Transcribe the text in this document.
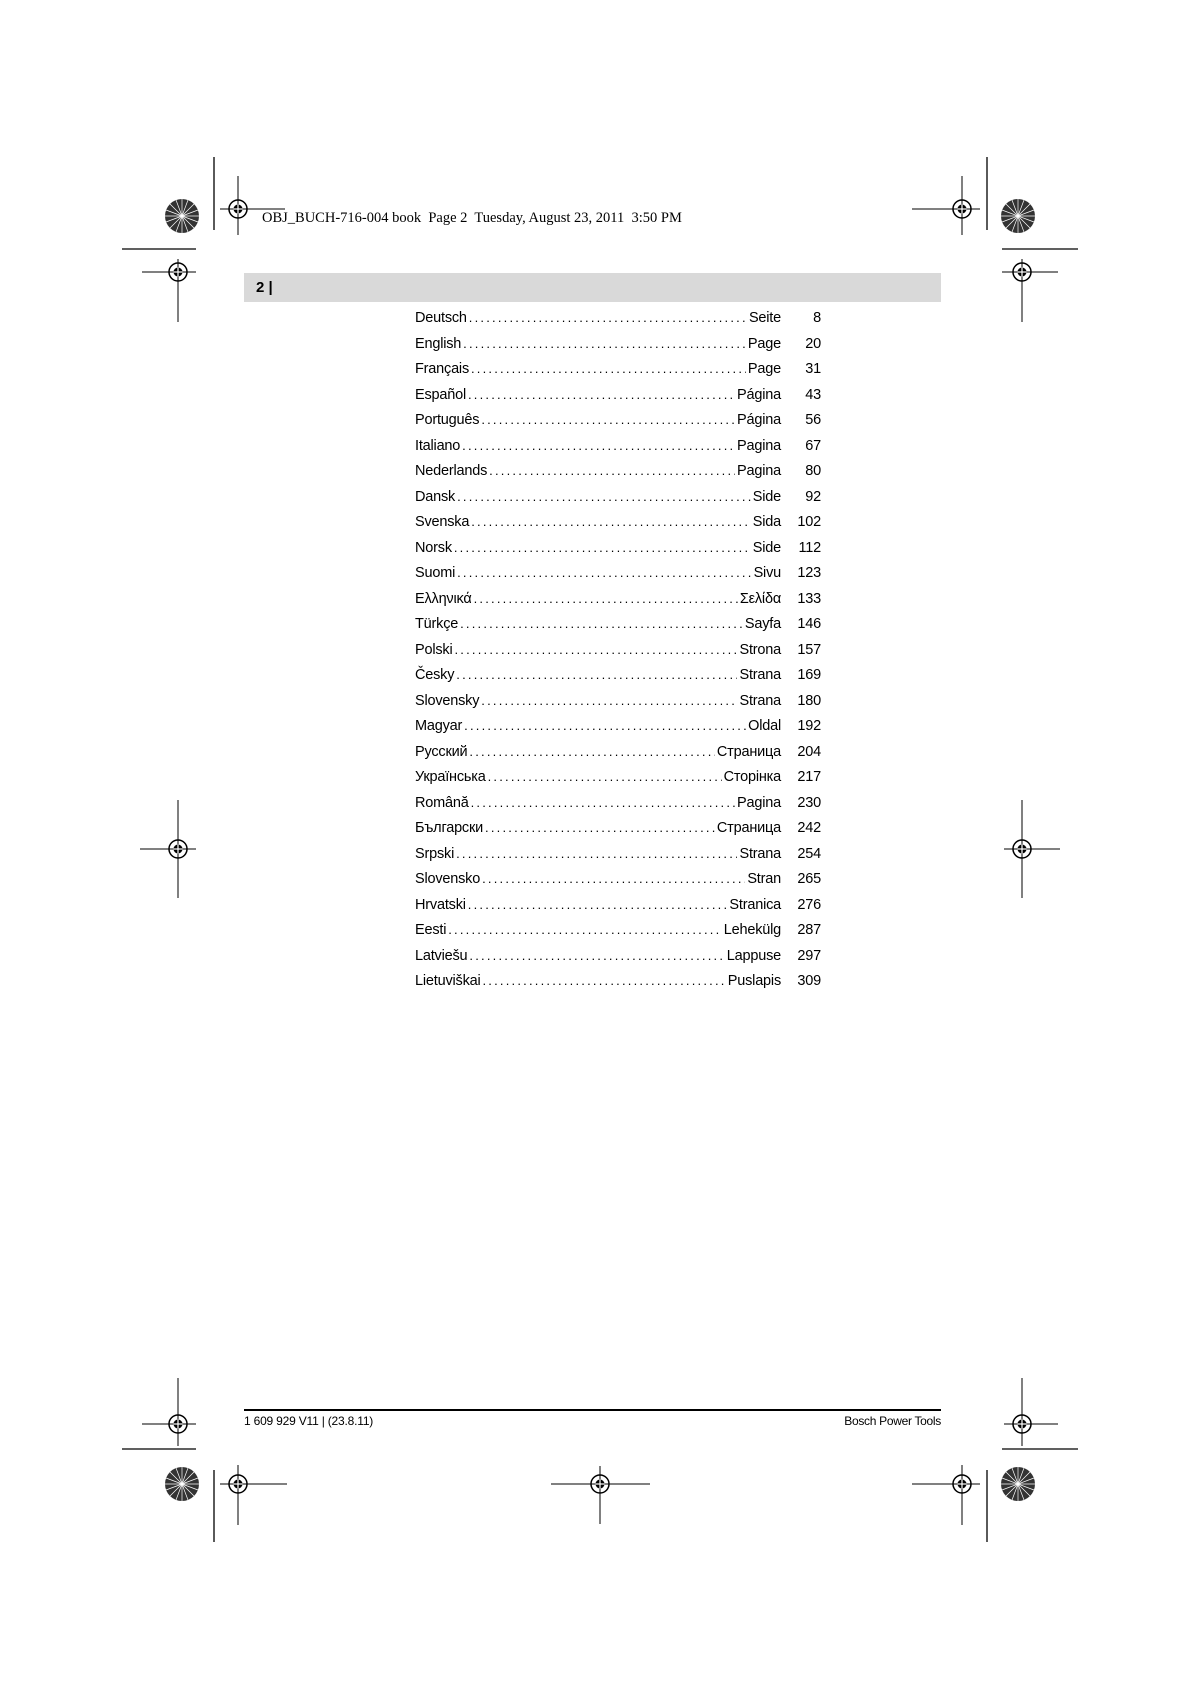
OBJ_BUCH-716-004 book  Page 2  Tuesday, August 23, 2011  3:50 PM
2 |
Deutsch .....	Seite	8
English .....	Page	20
Français .....	Page	31
Español .....	Página	43
Português .....	Página	56
Italiano .....	Pagina	67
Nederlands .....	Pagina	80
Dansk .....	Side	92
Svenska .....	Sida	102
Norsk .....	Side	112
Suomi .....	Sivu	123
Ελληνικά .....	Σελίδα	133
Türkçe .....	Sayfa	146
Polski .....	Strona	157
Česky .....	Strana	169
Slovensky .....	Strana	180
Magyar .....	Oldal	192
Русский .....	Страница	204
Українська .....	Сторінка	217
Română .....	Pagina	230
Български .....	Страница	242
Srpski .....	Strana	254
Slovensko .....	Stran	265
Hrvatski .....	Stranica	276
Eesti .....	Lehekülg	287
Latviešu .....	Lappuse	297
Lietuviškai .....	Puslapis	309
1 609 929 V11 | (23.8.11)	Bosch Power Tools
